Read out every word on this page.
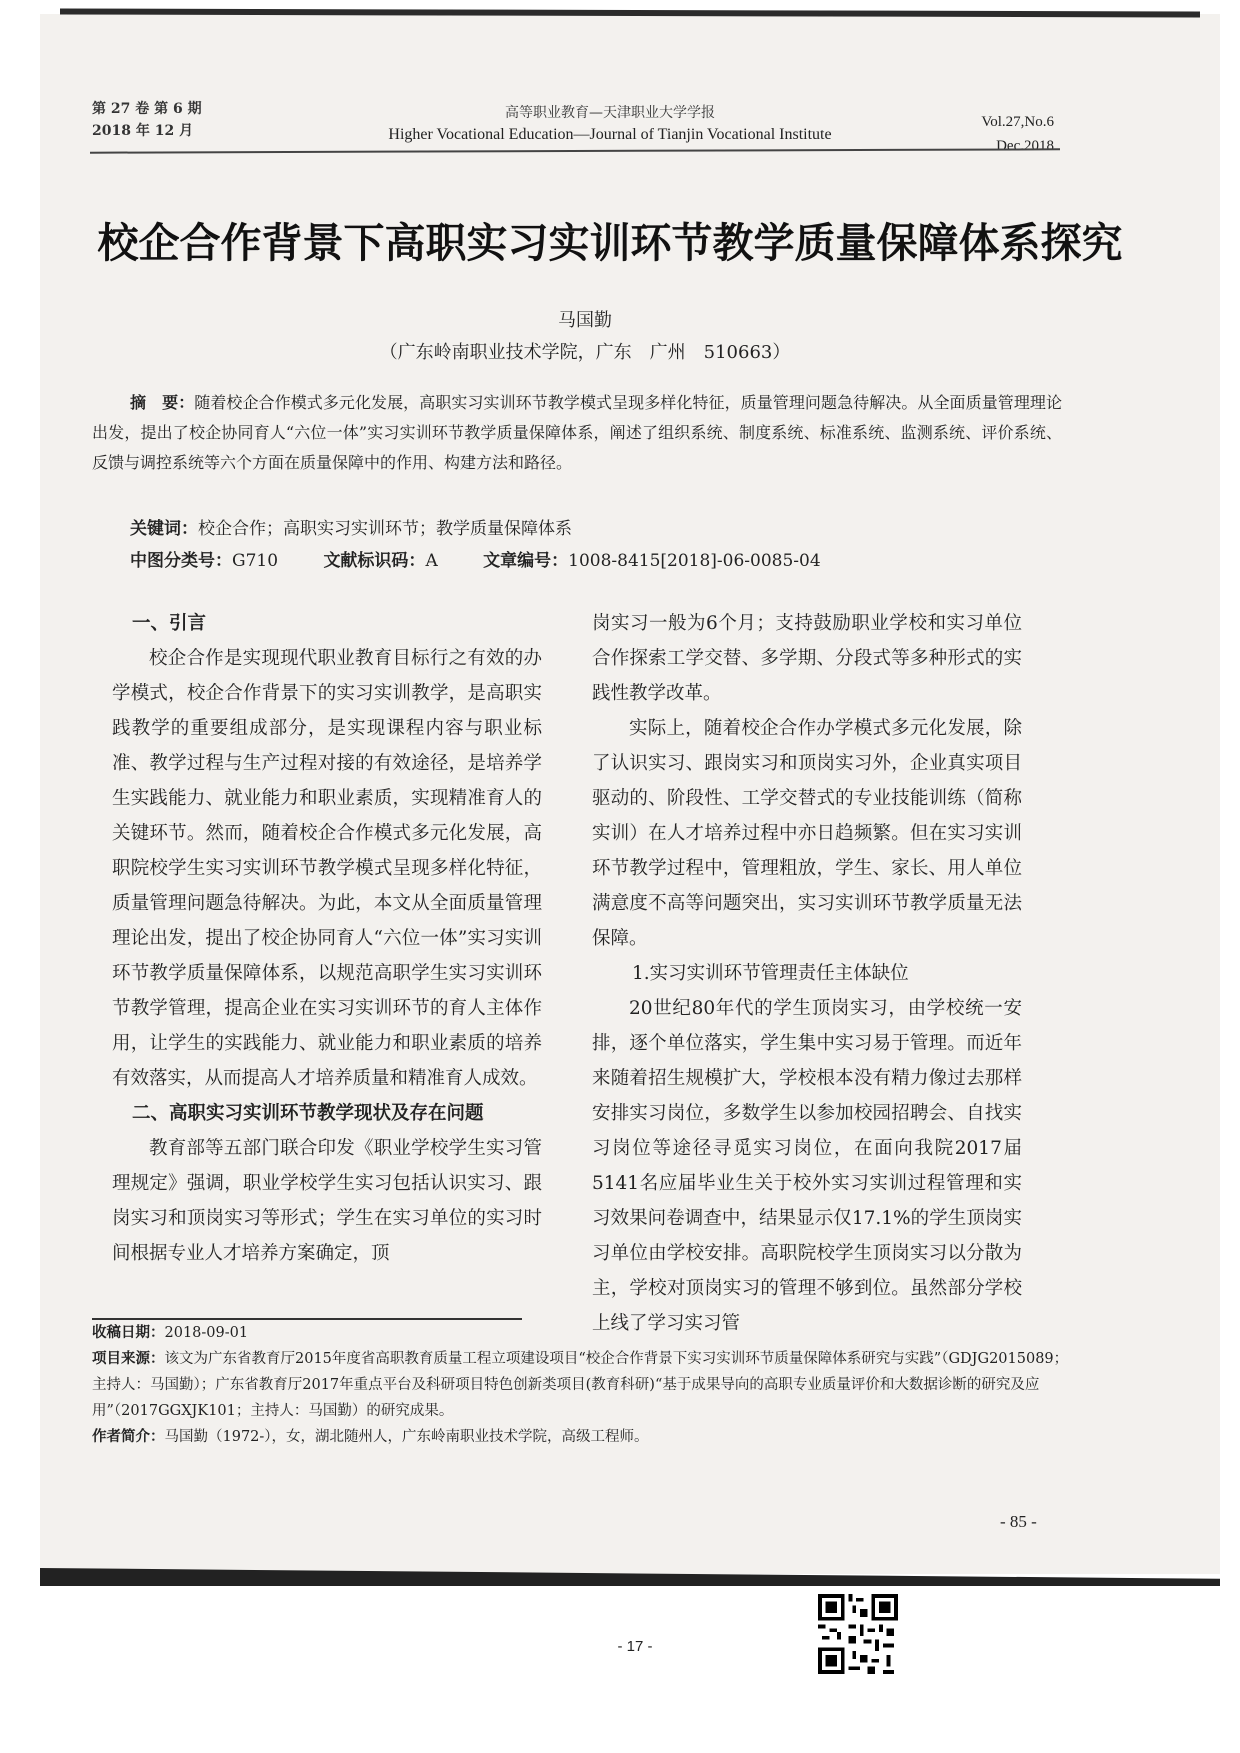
第 27 卷 第 6 期
2018 年 12 月
高等职业教育—天津职业大学学报
Higher Vocational Education—Journal of Tianjin Vocational Institute
Vol.27,No.6
Dec.2018
校企合作背景下高职实习实训环节教学质量保障体系探究
马国勤
（广东岭南职业技术学院，广东　广州　510663）
摘　要：随着校企合作模式多元化发展，高职实习实训环节教学模式呈现多样化特征，质量管理问题急待解决。从全面质量管理理论出发，提出了校企协同育人“六位一体”实习实训环节教学质量保障体系，阐述了组织系统、制度系统、标准系统、监测系统、评价系统、反馈与调控系统等六个方面在质量保障中的作用、构建方法和路径。
关键词：校企合作；高职实习实训环节；教学质量保障体系
中图分类号：G710	文献标识码：A	文章编号：1008-8415[2018]-06-0085-04
一、引言

校企合作是实现现代职业教育目标行之有效的办学模式，校企合作背景下的实习实训教学，是高职实践教学的重要组成部分，是实现课程内容与职业标准、教学过程与生产过程对接的有效途径，是培养学生实践能力、就业能力和职业素质，实现精准育人的关键环节。然而，随着校企合作模式多元化发展，高职院校学生实习实训环节教学模式呈现多样化特征，质量管理问题急待解决。为此，本文从全面质量管理理论出发，提出了校企协同育人“六位一体”实习实训环节教学质量保障体系，以规范高职学生实习实训环节教学管理，提高企业在实习实训环节的育人主体作用，让学生的实践能力、就业能力和职业素质的培养有效落实，从而提高人才培养质量和精准育人成效。

二、高职实习实训环节教学现状及存在问题

教育部等五部门联合印发《职业学校学生实习管理规定》强调，职业学校学生实习包括认识实习、跟岗实习和顶岗实习等形式；学生在实习单位的实习时间根据专业人才培养方案确定，顶

岗实习一般为6个月；支持鼓励职业学校和实习单位合作探索工学交替、多学期、分段式等多种形式的实践性教学改革。

实际上，随着校企合作办学模式多元化发展，除了认识实习、跟岗实习和顶岗实习外，企业真实项目驱动的、阶段性、工学交替式的专业技能训练（简称实训）在人才培养过程中亦日趋频繁。但在实习实训环节教学过程中，管理粗放，学生、家长、用人单位满意度不高等问题突出，实习实训环节教学质量无法保障。

1.实习实训环节管理责任主体缺位

20世纪80年代的学生顶岗实习，由学校统一安排，逐个单位落实，学生集中实习易于管理。而近年来随着招生规模扩大，学校根本没有精力像过去那样安排实习岗位，多数学生以参加校园招聘会、自找实习岗位等途径寻觅实习岗位，在面向我院2017届5141名应届毕业生关于校外实习实训过程管理和实习效果问卷调查中，结果显示仅17.1%的学生顶岗实习单位由学校安排。高职院校学生顶岗实习以分散为主，学校对顶岗实习的管理不够到位。虽然部分学校上线了学习实习管

收稿日期：2018-09-01
项目来源：该文为广东省教育厅2015年度省高职教育质量工程立项建设项目“校企合作背景下实习实训环节质量保障体系研究与实践”（GDJG2015089；主持人：马国勤）；广东省教育厅2017年重点平台及科研项目特色创新类项目(教育科研)“基于成果导向的高职专业质量评价和大数据诊断的研究及应用”（2017GGXJK101；主持人：马国勤）的研究成果。
作者简介：马国勤（1972-），女，湖北随州人，广东岭南职业技术学院，高级工程师。
- 85 -
- 17 -
